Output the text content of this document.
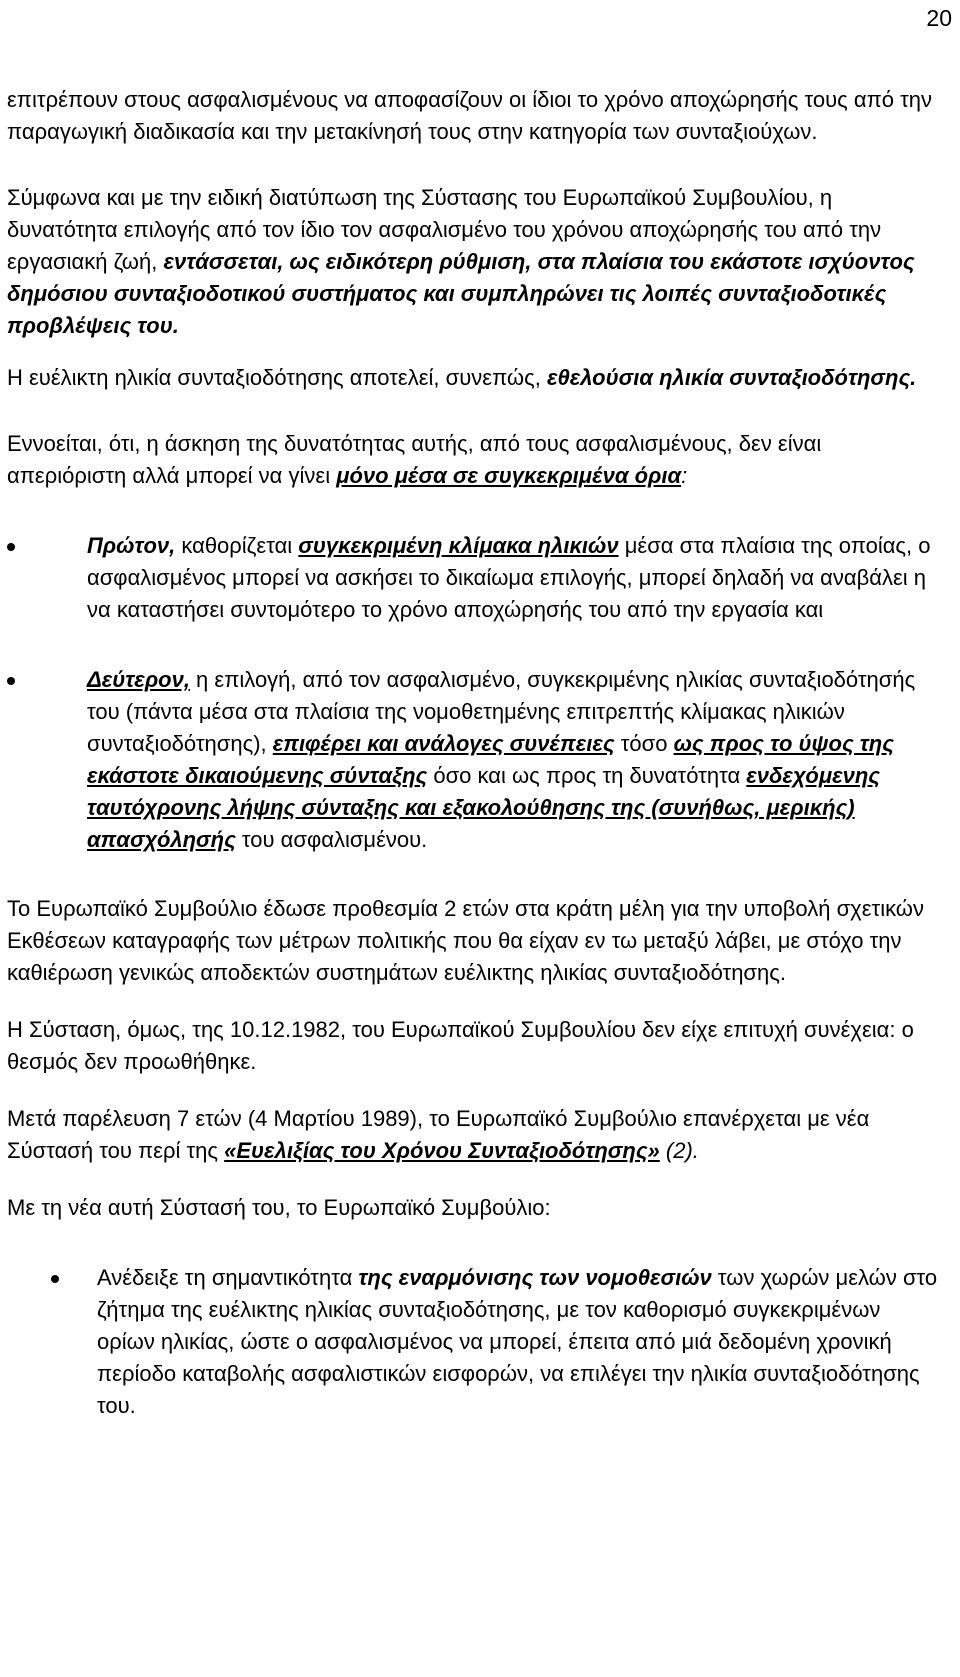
20

επιτρέπουν στους ασφαλισμένους να αποφασίζουν οι ίδιοι το χρόνο αποχώρησής τους από την παραγωγική διαδικασία και την μετακίνησή τους στην κατηγορία των συνταξιούχων.

Σύμφωνα και με την ειδική διατύπωση της Σύστασης του Ευρωπαϊκού Συμβουλίου, η δυνατότητα επιλογής από τον ίδιο τον ασφαλισμένο του χρόνου αποχώρησής του από την εργασιακή ζωή, εντάσσεται, ως ειδικότερη ρύθμιση, στα πλαίσια του εκάστοτε ισχύοντος δημόσιου συνταξιοδοτικού συστήματος και συμπληρώνει τις λοιπές συνταξιοδοτικές προβλέψεις του.

Η ευέλικτη ηλικία συνταξιοδότησης αποτελεί, συνεπώς, εθελούσια ηλικία συνταξιοδότησης.

Εννοείται, ότι, η άσκηση της δυνατότητας αυτής, από τους ασφαλισμένους, δεν είναι απεριόριστη αλλά μπορεί να γίνει μόνο μέσα σε συγκεκριμένα όρια:

Πρώτον, καθορίζεται συγκεκριμένη κλίμακα ηλικιών μέσα στα πλαίσια της οποίας, ο ασφαλισμένος μπορεί να ασκήσει το δικαίωμα επιλογής, μπορεί δηλαδή να αναβάλει η να καταστήσει συντομότερο το χρόνο αποχώρησής του από την εργασία και
Δεύτερον, η επιλογή, από τον ασφαλισμένο, συγκεκριμένης ηλικίας συνταξιοδότησής του (πάντα μέσα στα πλαίσια της νομοθετημένης επιτρεπτής κλίμακας ηλικιών συνταξιοδότησης), επιφέρει και ανάλογες συνέπειες τόσο ως προς το ύψος της εκάστοτε δικαιούμενης σύνταξης όσο και ως προς τη δυνατότητα ενδεχόμενης ταυτόχρονης λήψης σύνταξης και εξακολούθησης της (συνήθως, μερικής) απασχόλησής του ασφαλισμένου.

Το Ευρωπαϊκό Συμβούλιο έδωσε προθεσμία 2 ετών στα κράτη μέλη για την υποβολή σχετικών Εκθέσεων καταγραφής των μέτρων πολιτικής που θα είχαν εν τω μεταξύ λάβει, με στόχο την καθιέρωση γενικώς αποδεκτών συστημάτων ευέλικτης ηλικίας συνταξιοδότησης.

Η Σύσταση, όμως, της 10.12.1982, του Ευρωπαϊκού Συμβουλίου δεν είχε επιτυχή συνέχεια: ο θεσμός δεν προωθήθηκε.

Μετά παρέλευση 7 ετών (4 Μαρτίου 1989), το Ευρωπαϊκό Συμβούλιο επανέρχεται με νέα Σύστασή του περί της «Ευελιξίας του Χρόνου Συνταξιοδότησης» (2).

Με τη νέα αυτή Σύστασή του, το Ευρωπαϊκό Συμβούλιο:

Ανέδειξε τη σημαντικότητα της εναρμόνισης των νομοθεσιών των χωρών μελών στο ζήτημα της ευέλικτης ηλικίας συνταξιοδότησης, με τον καθορισμό συγκεκριμένων ορίων ηλικίας, ώστε ο ασφαλισμένος να μπορεί, έπειτα από μιά δεδομένη χρονική περίοδο καταβολής ασφαλιστικών εισφορών, να επιλέγει την ηλικία συνταξιοδότησης του.
